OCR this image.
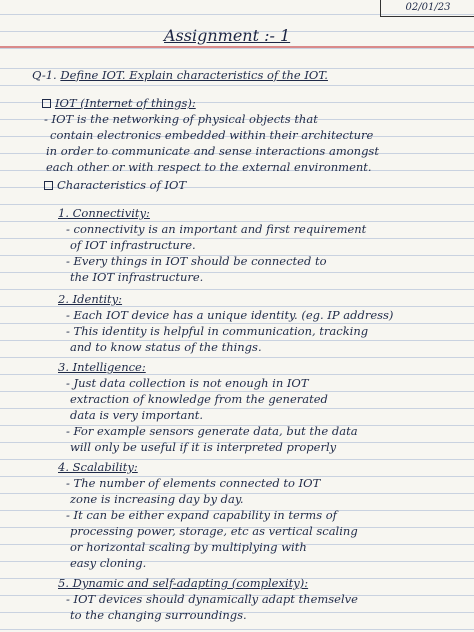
02/01/23
Assignment :- 1
Q-1. Define IOT. Explain characteristics of the IOT.
IOT (Internet of things):
- IOT is the networking of physical objects that
contain electronics embedded within their architecture
in order to communicate and sense interactions amongst
each other or with respect to the external environment.
Characteristics of IOT
1. Connectivity:
- connectivity is an important and first requirement
of IOT infrastructure.
- Every things in IOT should be connected to
the IOT infrastructure.
2. Identity:
- Each IOT device has a unique identity. (eg. IP address)
- This identity is helpful in communication, tracking
and to know status of the things.
3. Intelligence:
- Just data collection is not enough in IOT
extraction of knowledge from the generated
data is very important.
- For example sensors generate data, but the data
will only be useful if it is interpreted properly
4. Scalability:
- The number of elements connected to IOT
zone is increasing day by day.
- It can be either expand capability in terms of
processing power, storage, etc as vertical scaling
or horizontal scaling by multiplying with
easy cloning.
5. Dynamic and self-adapting (complexity):
- IOT devices should dynamically adapt themselve
to the changing surroundings.
